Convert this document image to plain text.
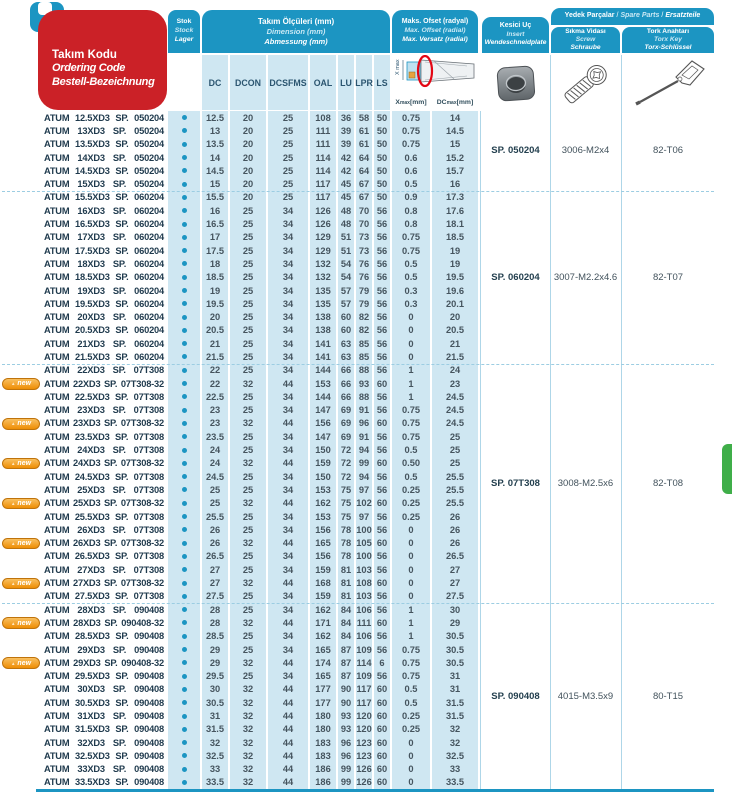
Takım Kodu
Ordering Code
Bestell-Bezeichnung
Stok
Stock
Lager
Takım Ölçüleri (mm)
Dimension (mm)
Abmessung (mm)
Maks. Ofset (radyal)
Max. Offset (radial)
Max. Versatz (radial)
Kesici Uç
Insert
Wendeschneidplate
Yedek Parçalar / Spare Parts / Ersatzteile
Sıkma Vidası
Screw
Schraube
Tork Anahtarı
Torx Key
Torx-Schlüssel
DC	DCON DCSFMS OAL LU LPR LS
X max
X max [mm] DC max [mm]
ATUM 12.5XD3 SP. 050204	12.5	20	25	108	36 58 50	0.75	14
ATUM 13XD3 SP. 050204	13	20	25	111	39 61 50	0.75	14.5
ATUM 13.5XD3 SP. 050204	13.5	20	25	111	39 61 50	0.75	15
ATUM 14XD3 SP. 050204	14	20	25	114	42 64 50	0.6	15.2
ATUM 14.5XD3 SP. 050204	14.5	20	25	114	42 64 50	0.6	15.7
ATUM 15XD3 SP. 050204	15	20	25	117	45 67 50	0.5	16
ATUM 15.5XD3 SP. 060204	15.5	20	25	117	45 67 50	0.9	17.3
ATUM 16XD3 SP. 060204	16	25	34	126	48 70 56	0.8	17.6
ATUM 16.5XD3 SP. 060204	16.5	25	34	126	48 70 56	0.8	18.1
ATUM 17XD3 SP. 060204	17	25	34	129	51 73 56	0.75	18.5
ATUM 17.5XD3 SP. 060204	17.5	25	34	129	51 73 56	0.75	19
ATUM 18XD3 SP. 060204	18	25	34	132	54 76 56	0.5	19
ATUM 18.5XD3 SP. 060204	18.5	25	34	132	54 76 56	0.5	19.5
ATUM 19XD3 SP. 060204	19	25	34	135	57 79 56	0.3	19.6
ATUM 19.5XD3 SP. 060204	19.5	25	34	135	57 79 56	0.3	20.1
ATUM 20XD3 SP. 060204	20	25	34	138	60 82 56	0	20
ATUM 20.5XD3 SP. 060204	20.5	25	34	138	60 82 56	0	20.5
ATUM 21XD3 SP. 060204	21	25	34	141	63 85 56	0	21
ATUM 21.5XD3 SP. 060204	21.5	25	34	141	63 85 56	0	21.5
ATUM 22XD3 SP. 07T308	22	25	34	144	66 88 56	1	24
▲ new ATUM 22XD3 SP. 07T308-32	22	32	44	153	66 93 60	1	23
ATUM 22.5XD3 SP. 07T308	22.5	25	34	144	66 88 56	1	24.5
ATUM 23XD3 SP. 07T308	23	25	34	147	69 91 56	0.75	24.5
▲ new ATUM 23XD3 SP. 07T308-32	23	32	44	156	69 96 60	0.75	24.5
ATUM 23.5XD3 SP. 07T308	23.5	25	34	147	69 91 56	0.75	25
ATUM 24XD3 SP. 07T308	24	25	34	150	72 94 56	0.5	25
▲ new ATUM 24XD3 SP. 07T308-32	24	32	44	159	72 99 60	0.50	25
ATUM 24.5XD3 SP. 07T308	24.5	25	34	150	72 94 56	0.5	25.5
ATUM 25XD3 SP. 07T308	25	25	34	153	75 97 56	0.25	25.5
▲ new ATUM 25XD3 SP. 07T308-32	25	32	44	162	75 102 60	0.25	25.5
ATUM 25.5XD3 SP. 07T308	25.5	25	34	153	75 97 56	0.25	26
ATUM 26XD3 SP. 07T308	26	25	34	156	78 100 56	0	26
▲ new ATUM 26XD3 SP. 07T308-32	26	32	44	165	78 105 60	0	26
ATUM 26.5XD3 SP. 07T308	26.5	25	34	156	78 100 56	0	26.5
ATUM 27XD3 SP. 07T308	27	25	34	159	81 103 56	0	27
▲ new ATUM 27XD3 SP. 07T308-32	27	32	44	168	81 108 60	0	27
ATUM 27.5XD3 SP. 07T308	27.5	25	34	159	81 103 56	0	27.5
ATUM 28XD3 SP. 090408	28	25	34	162	84 106 56	1	30
▲ new ATUM 28XD3 SP. 090408-32	28	32	44	171	84 111 60	1	29
ATUM 28.5XD3 SP. 090408	28.5	25	34	162	84 106 56	1	30.5
ATUM 29XD3 SP. 090408	29	25	34	165	87 109 56	0.75	30.5
▲ new ATUM 29XD3 SP. 090408-32	29	32	44	174	87 114 6	0.75	30.5
ATUM 29.5XD3 SP. 090408	29.5	25	34	165	87 109 56	0.75	31
ATUM 30XD3 SP. 090408	30	32	44	177	90 117 60	0.5	31
ATUM 30.5XD3 SP. 090408	30.5	32	44	177	90 117 60	0.5	31.5
ATUM 31XD3 SP. 090408	31	32	44	180	93 120 60	0.25	31.5
ATUM 31.5XD3 SP. 090408	31.5	32	44	180	93 120 60	0.25	32
ATUM 32XD3 SP. 090408	32	32	44	183	96 123 60	0	32
ATUM 32.5XD3 SP. 090408	32.5	32	44	183	96 123 60	0	32.5
ATUM 33XD3 SP. 090408	33	32	44	186	99 126 60	0	33
ATUM 33.5XD3 SP. 090408	33.5	32	44	186	99 126 60	0	33.5
SP. 050204	3006-M2x4	82-T06
SP. 060204	3007-M2.2x4.6	82-T07
SP. 07T308	3008-M2.5x6	82-T08
SP. 090408	4015-M3.5x9	80-T15
